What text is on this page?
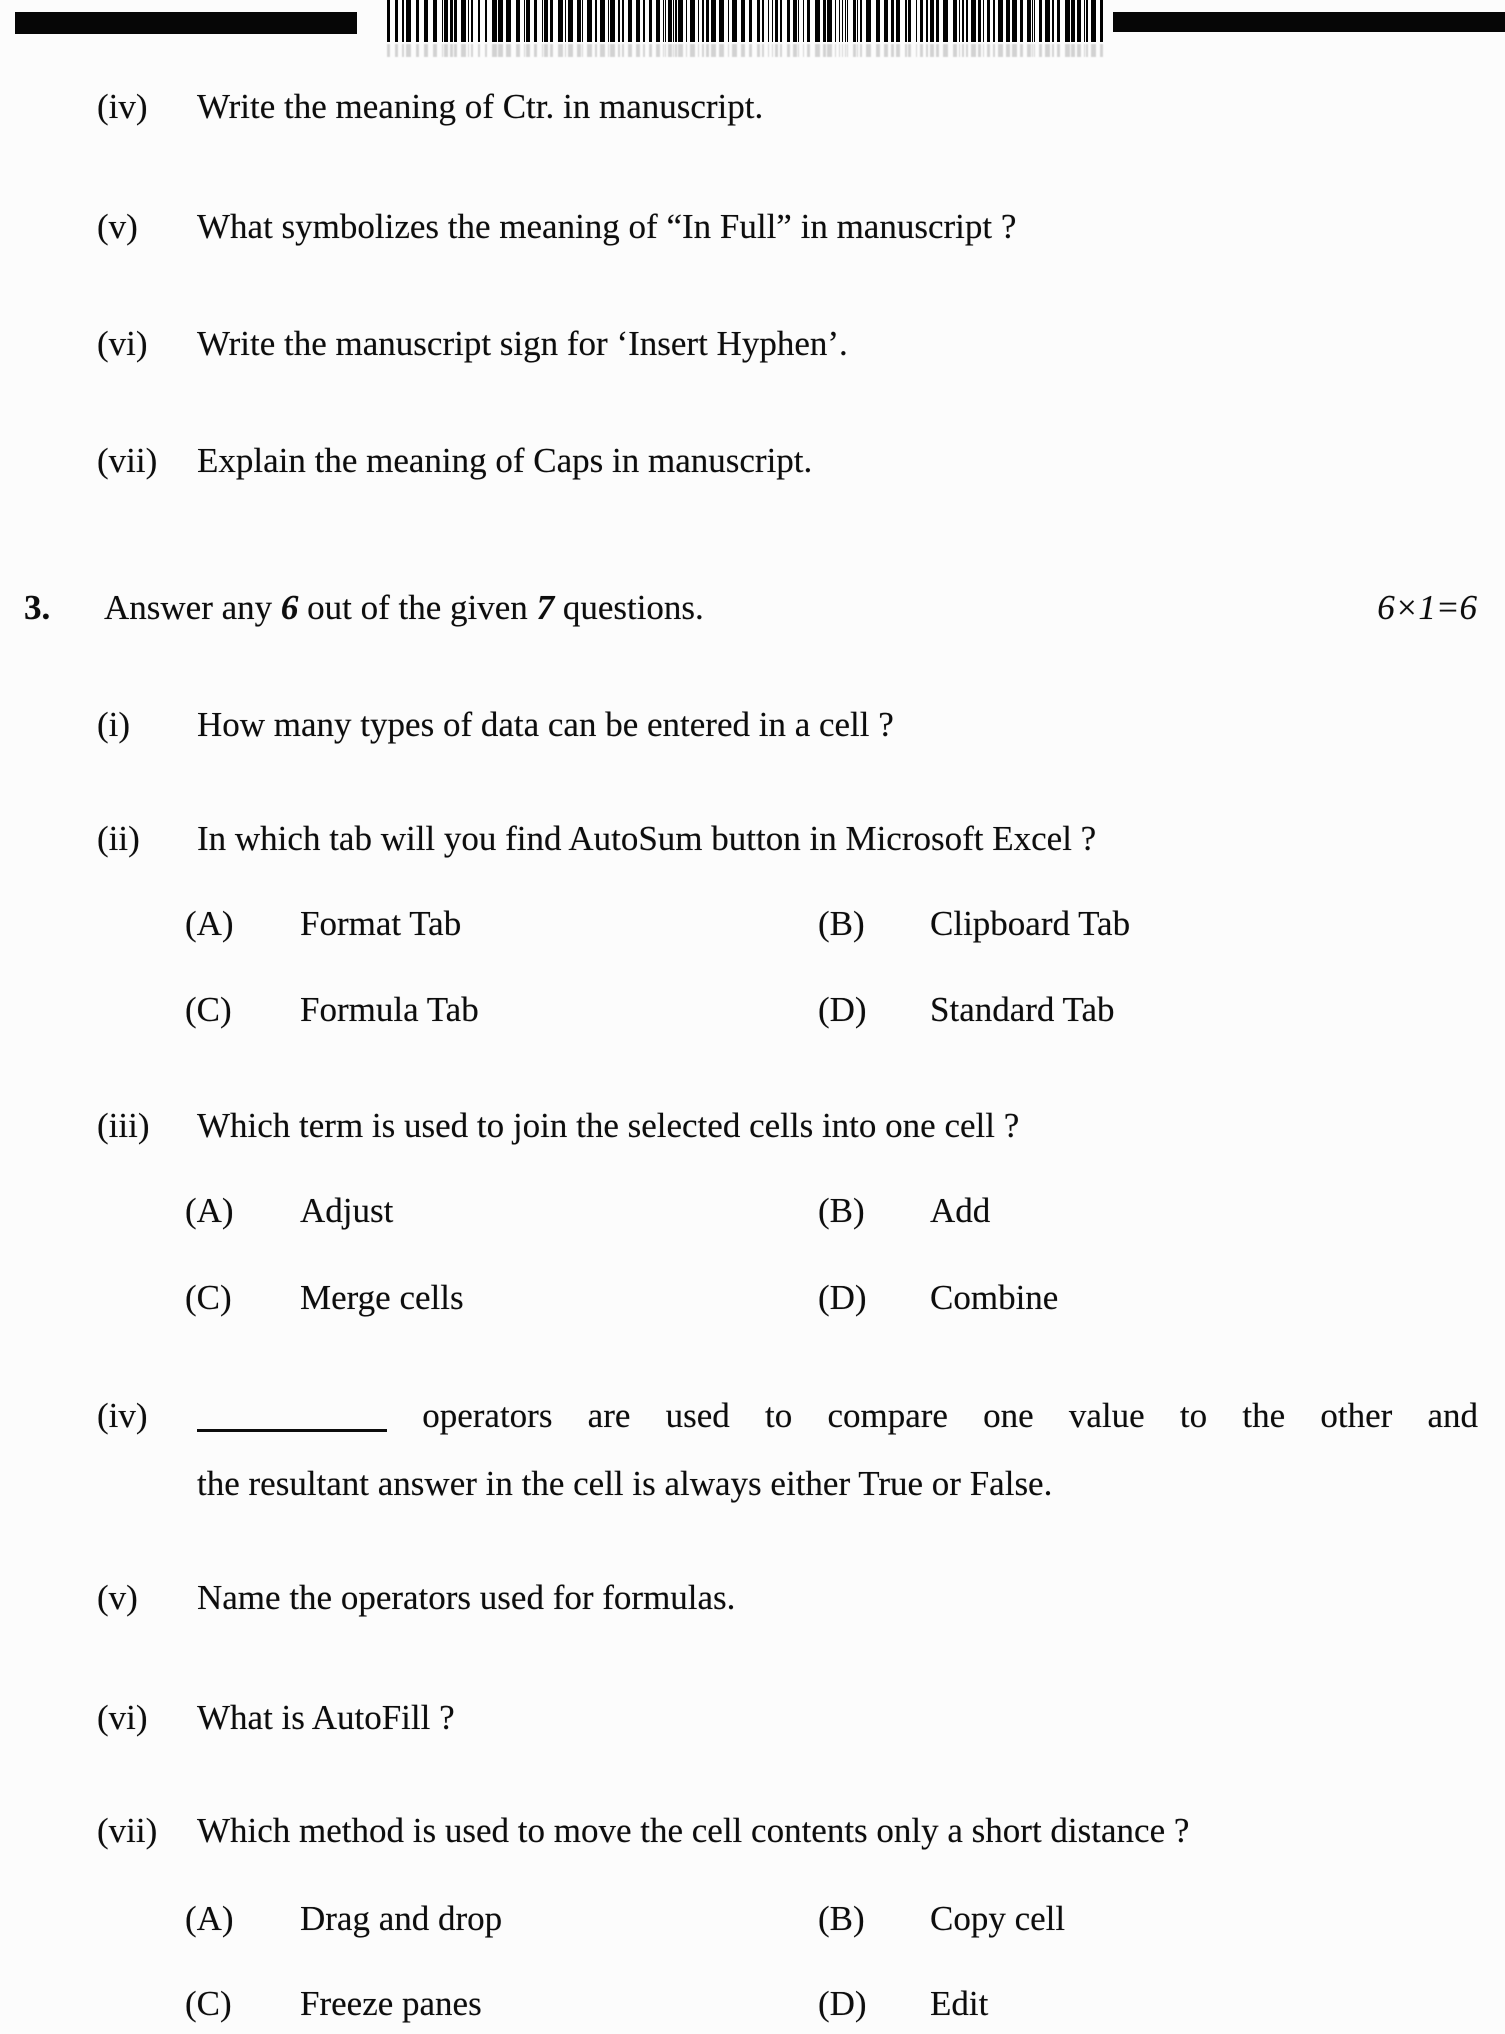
(iv) Write the meaning of Ctr. in manuscript.
(v) What symbolizes the meaning of “In Full” in manuscript ?
(vi) Write the manuscript sign for ‘Insert Hyphen’.
(vii) Explain the meaning of Caps in manuscript.
3. Answer any 6 out of the given 7 questions.	6×1=6
(i) How many types of data can be entered in a cell ?
(ii) In which tab will you find AutoSum button in Microsoft Excel ?
(A) Format Tab	(B) Clipboard Tab
(C) Formula Tab	(D) Standard Tab
(iii) Which term is used to join the selected cells into one cell ?
(A) Adjust	(B) Add
(C) Merge cells	(D) Combine
(iv)	operators are used to compare one value to the other and
the resultant answer in the cell is always either True or False.
(v) Name the operators used for formulas.
(vi) What is AutoFill ?
(vii) Which method is used to move the cell contents only a short distance ?
(A) Drag and drop	(B) Copy cell
(C) Freeze panes	(D) Edit
